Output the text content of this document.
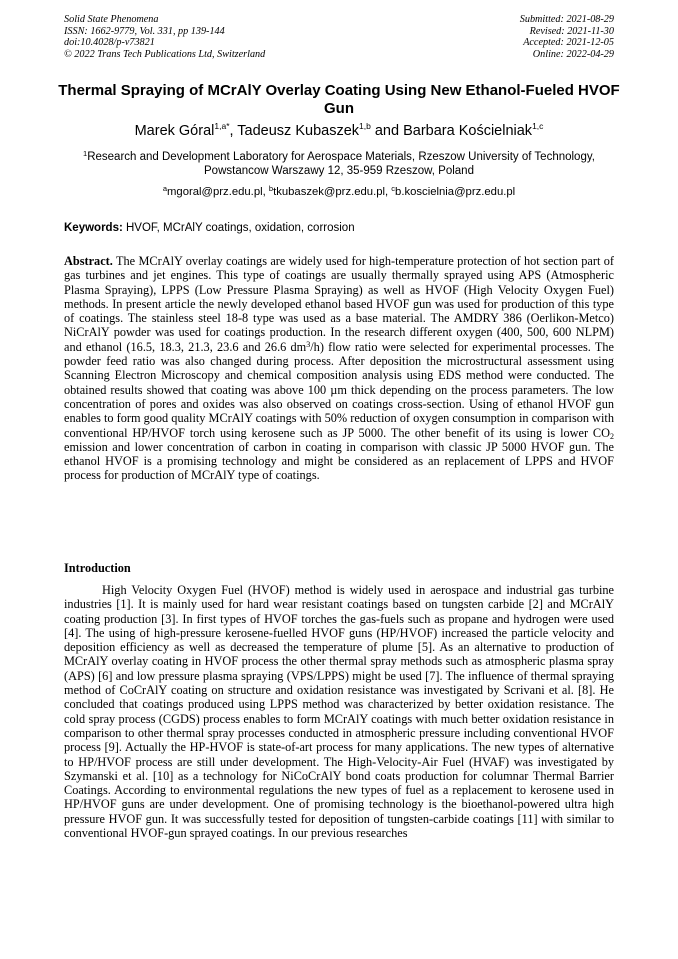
Solid State Phenomena
ISSN: 1662-9779, Vol. 331, pp 139-144
doi:10.4028/p-v73821
© 2022 Trans Tech Publications Ltd, Switzerland
Submitted: 2021-08-29
Revised: 2021-11-30
Accepted: 2021-12-05
Online: 2022-04-29
Thermal Spraying of MCrAlY Overlay Coating Using New Ethanol-Fueled HVOF Gun
Marek Góral$^{1,a*}$, Tadeusz Kubaszek$^{1,b}$ and Barbara Kościelniak$^{1,c}$
$^1$Research and Development Laboratory for Aerospace Materials, Rzeszow University of Technology, Powstancow Warszawy 12, 35-959 Rzeszow, Poland
$^a$mgoral@prz.edu.pl, $^b$tkubaszek@prz.edu.pl, $^c$b.koscielnia@prz.edu.pl
Keywords: HVOF, MCrAlY coatings, oxidation, corrosion
Abstract. The MCrAlY overlay coatings are widely used for high-temperature protection of hot section part of gas turbines and jet engines. This type of coatings are usually thermally sprayed using APS (Atmospheric Plasma Spraying), LPPS (Low Pressure Plasma Spraying) as well as HVOF (High Velocity Oxygen Fuel) methods. In present article the newly developed ethanol based HVOF gun was used for production of this type of coatings. The stainless steel 18-8 type was used as a base material. The AMDRY 386 (Oerlikon-Metco) NiCrAlY powder was used for coatings production. In the research different oxygen (400, 500, 600 NLPM) and ethanol (16.5, 18.3, 21.3, 23.6 and 26.6 $dm^3/h$) flow ratio were selected for experimental processes. The powder feed ratio was also changed during process. After deposition the microstructural assessment using Scanning Electron Microscopy and chemical composition analysis using EDS method were conducted. The obtained results showed that coating was above 100 µm thick depending on the process parameters. The low concentration of pores and oxides was also observed on coatings cross-section. Using of ethanol HVOF gun enables to form good quality MCrAlY coatings with 50% reduction of oxygen consumption in comparison with conventional HP/HVOF torch using kerosene such as JP 5000. The other benefit of its using is lower $CO_2$ emission and lower concentration of carbon in coating in comparison with classic JP 5000 HVOF gun. The ethanol HVOF is a promising technology and might be considered as an replacement of LPPS and HVOF process for production of MCrAlY type of coatings.
Introduction
High Velocity Oxygen Fuel (HVOF) method is widely used in aerospace and industrial gas turbine industries [1]. It is mainly used for hard wear resistant coatings based on tungsten carbide [2] and MCrAlY coating production [3]. In first types of HVOF torches the gas-fuels such as propane and hydrogen were used [4]. The using of high-pressure kerosene-fuelled HVOF guns (HP/HVOF) increased the particle velocity and deposition efficiency as well as decreased the temperature of plume [5]. As an alternative to production of MCrAlY overlay coating in HVOF process the other thermal spray methods such as atmospheric plasma spray (APS) [6] and low pressure plasma spraying (VPS/LPPS) might be used [7]. The influence of thermal spraying method of CoCrAlY coating on structure and oxidation resistance was investigated by Scrivani et al. [8]. He concluded that coatings produced using LPPS method was characterized by better oxidation resistance. The cold spray process (CGDS) process enables to form MCrAlY coatings with much better oxidation resistance in comparison to other thermal spray processes conducted in atmospheric pressure including conventional HVOF process [9]. Actually the HP-HVOF is state-of-art process for many applications. The new types of alternative to HP/HVOF process are still under development. The High-Velocity-Air Fuel (HVAF) was investigated by Szymanski et al. [10] as a technology for NiCoCrAlY bond coats production for columnar Thermal Barrier Coatings. According to environmental regulations the new types of fuel as a replacement to kerosene used in HP/HVOF guns are under development. One of promising technology is the bioethanol-powered ultra high pressure HVOF gun. It was successfully tested for deposition of tungsten-carbide coatings [11] with similar to conventional HVOF-gun sprayed coatings. In our previous researches
